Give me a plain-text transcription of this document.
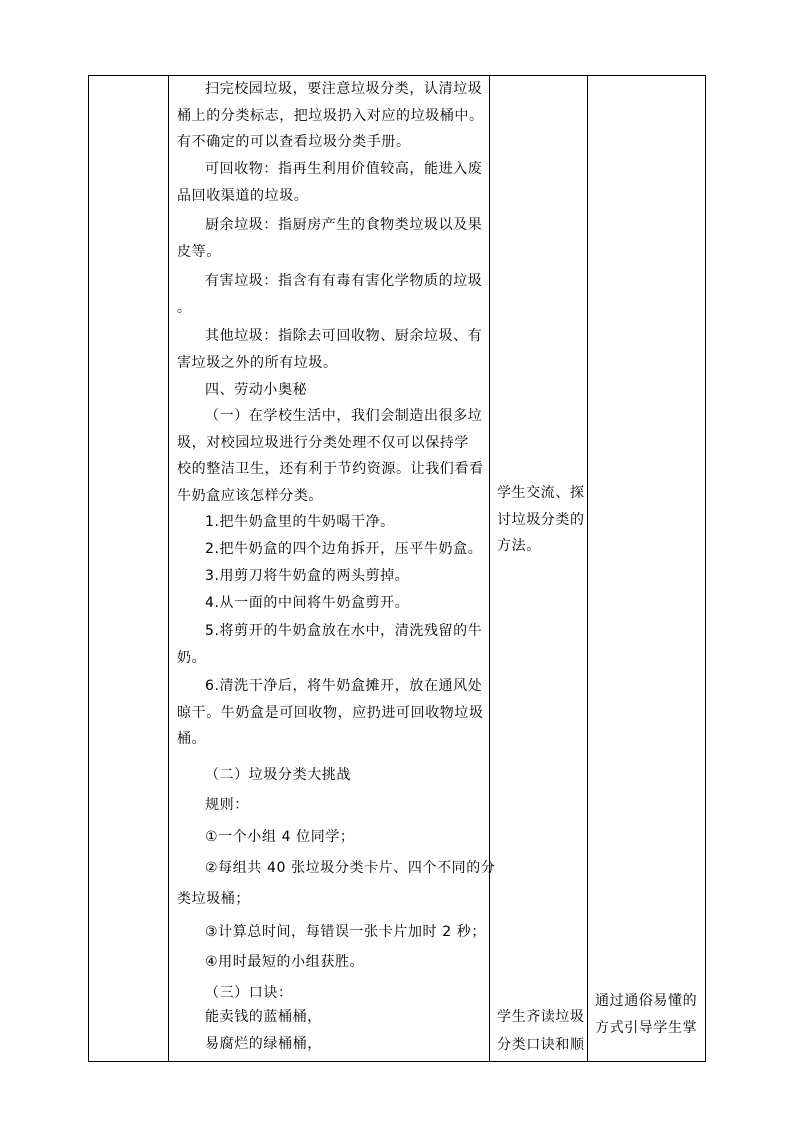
扫完校园垃圾，要注意垃圾分类，认清垃圾
桶上的分类标志，把垃圾扔入对应的垃圾桶中。
有不确定的可以查看垃圾分类手册。
可回收物：指再生利用价值较高，能进入废
品回收渠道的垃圾。
厨余垃圾：指厨房产生的食物类垃圾以及果
皮等。
有害垃圾：指含有有毒有害化学物质的垃圾
。
其他垃圾：指除去可回收物、厨余垃圾、有
害垃圾之外的所有垃圾。
四、劳动小奥秘
（一）在学校生活中，我们会制造出很多垃
圾，对校园垃圾进行分类处理不仅可以保持学
校的整洁卫生，还有利于节约资源。让我们看看
牛奶盒应该怎样分类。
1.把牛奶盒里的牛奶喝干净。
2.把牛奶盒的四个边角拆开，压平牛奶盒。
3.用剪刀将牛奶盒的两头剪掉。
4.从一面的中间将牛奶盒剪开。
5.将剪开的牛奶盒放在水中，清洗残留的牛
奶。
6.清洗干净后，将牛奶盒摊开，放在通风处
晾干。牛奶盒是可回收物，应扔进可回收物垃圾
桶。
（二）垃圾分类大挑战
规则：
①一个小组 4 位同学；
②每组共 40 张垃圾分类卡片、四个不同的分
类垃圾桶；
③计算总时间，每错误一张卡片加时 2 秒；
④用时最短的小组获胜。
（三）口诀：
能卖钱的蓝桶桶，
易腐烂的绿桶桶，
学生交流、探
讨垃圾分类的
方法。
学生齐读垃圾
分类口诀和顺
通过通俗易懂的
方式引导学生掌
